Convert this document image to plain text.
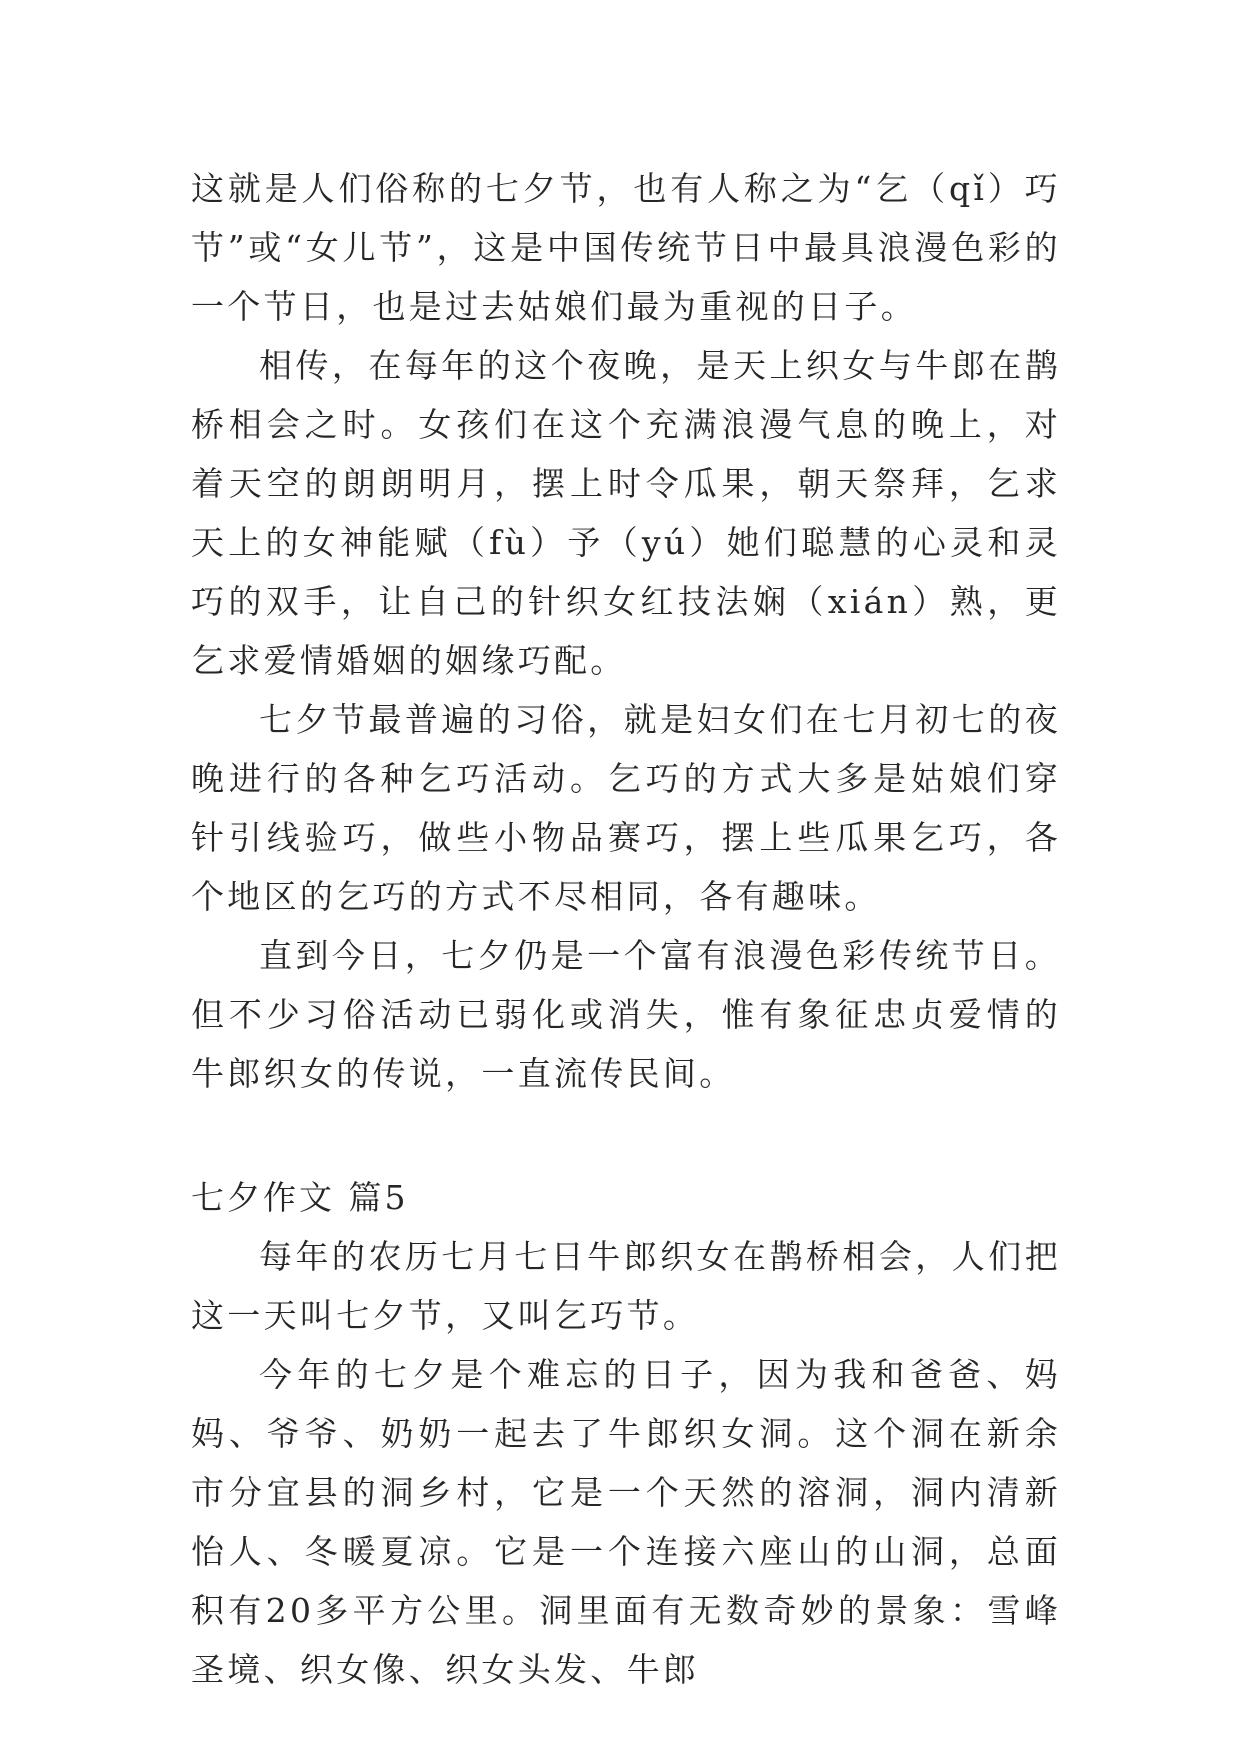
这就是人们俗称的七夕节，也有人称之为“乞（qǐ）巧节”或“女儿节”，这是中国传统节日中最具浪漫色彩的一个节日，也是过去姑娘们最为重视的日子。

相传，在每年的这个夜晚，是天上织女与牛郎在鹊桥相会之时。女孩们在这个充满浪漫气息的晚上，对着天空的朗朗明月，摆上时令瓜果，朝天祭拜，乞求天上的女神能赋（fù）予（yú）她们聪慧的心灵和灵巧的双手，让自己的针织女红技法娴（xián）熟，更乞求爱情婚姻的姻缘巧配。

七夕节最普遍的习俗，就是妇女们在七月初七的夜晚进行的各种乞巧活动。乞巧的方式大多是姑娘们穿针引线验巧，做些小物品赛巧，摆上些瓜果乞巧，各个地区的乞巧的方式不尽相同，各有趣味。

直到今日，七夕仍是一个富有浪漫色彩传统节日。但不少习俗活动已弱化或消失，惟有象征忠贞爱情的牛郎织女的传说，一直流传民间。

七夕作文 篇5

每年的农历七月七日牛郎织女在鹊桥相会，人们把这一天叫七夕节，又叫乞巧节。

今年的七夕是个难忘的日子，因为我和爸爸、妈妈、爷爷、奶奶一起去了牛郎织女洞。这个洞在新余市分宜县的洞乡村，它是一个天然的溶洞，洞内清新怡人、冬暖夏凉。它是一个连接六座山的山洞，总面积有20多平方公里。洞里面有无数奇妙的景象：雪峰圣境、织女像、织女头发、牛郎
